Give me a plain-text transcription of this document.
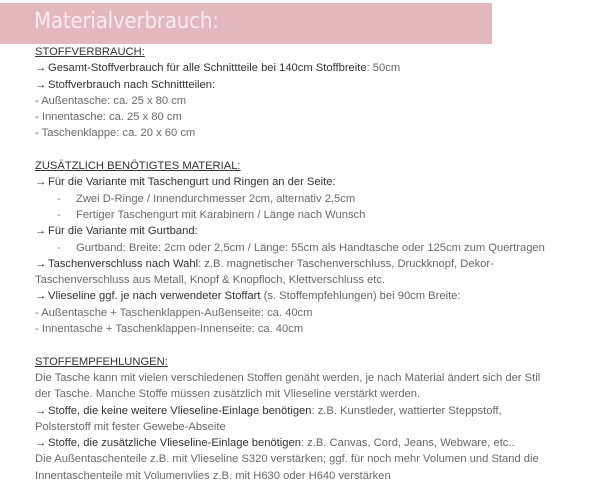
Materialverbrauch:
STOFFVERBRAUCH:
→ Gesamt-Stoffverbrauch für alle Schnittteile bei 140cm Stoffbreite: 50cm
→ Stoffverbrauch nach Schnittteilen:
- Außentasche: ca. 25 x 80 cm
- Innentasche: ca. 25 x 80 cm
- Taschenklappe: ca. 20 x 60 cm
ZUSÄTZLICH BENÖTIGTES MATERIAL:
→ Für die Variante mit Taschengurt und Ringen an der Seite:
- Zwei D-Ringe / Innendurchmesser 2cm, alternativ 2,5cm
- Fertiger Taschengurt mit Karabinern / Länge nach Wunsch
→ Für die Variante mit Gurtband:
- Gurtband: Breite: 2cm oder 2,5cm / Länge: 55cm als Handtasche oder 125cm zum Quertragen
→ Taschenverschluss nach Wahl: z.B. magnetischer Taschenverschluss, Druckknopf, Dekor-
Taschenverschluss aus Metall, Knopf & Knopfloch, Klettverschluss etc.
→ Vlieseline ggf. je nach verwendeter Stoffart (s. Stoffempfehlungen) bei 90cm Breite:
- Außentasche + Taschenklappen-Außenseite: ca. 40cm
- Innentasche + Taschenklappen-Innenseite: ca. 40cm
STOFFEMPFEHLUNGEN:
Die Tasche kann mit vielen verschiedenen Stoffen genäht werden, je nach Material ändert sich der Stil
der Tasche. Manche Stoffe müssen zusätzlich mit Vlieseline verstärkt werden.
→ Stoffe, die keine weitere Vlieseline-Einlage benötigen: z.B. Kunstleder, wattierter Steppstoff,
Polsterstoff mit fester Gewebe-Abseite
→ Stoffe, die zusätzliche Vlieseline-Einlage benötigen: z.B. Canvas, Cord, Jeans, Webware, etc..
Die Außentaschenteile z.B. mit Vlieseline S320 verstärken; ggf. für noch mehr Volumen und Stand die
Innentaschenteile mit Volumenvlies z.B. mit H630 oder H640 verstärken
